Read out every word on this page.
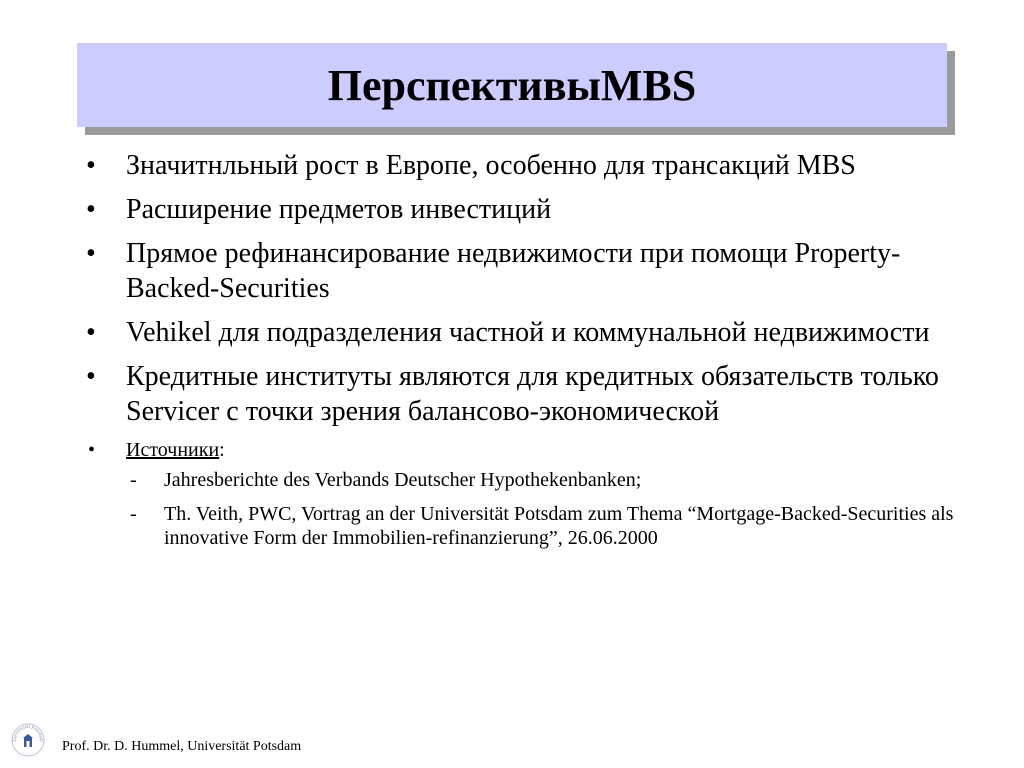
ПерспективыMBS
• Значитнльный рост в Европе, особенно для трансакций MBS
• Расширение предметов инвестиций
• Прямое рефинансирование недвижимости при помощи Property-Backed-Securities
• Vehikel для подразделения частной и коммунальной недвижимости
• Кредитные институты являются для кредитных обязательств только Servicer с точки зрения балансово-экономической
• Источники:
- Jahresberichte des Verbands Deutscher Hypothekenbanken;
- Th. Veith, PWC, Vortrag an der Universität Potsdam zum Thema “Mortgage-Backed-Securities als innovative Form der Immobilien-refinanzierung”, 26.06.2000
Universität Potsdam Prof. Dr. D. Hummel, Universität Potsdam
